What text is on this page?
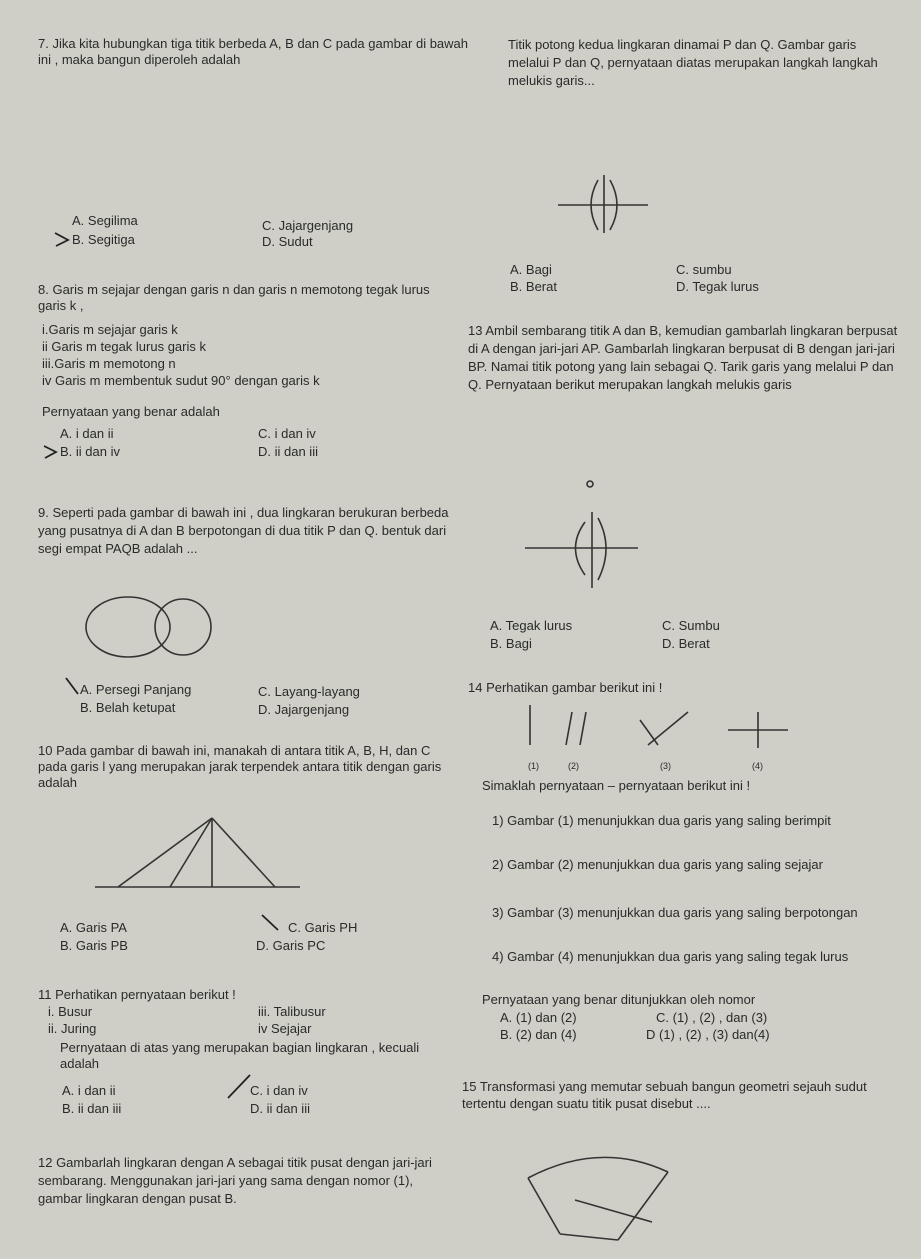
7. Jika kita hubungkan tiga titik berbeda A, B dan C pada gambar di bawah ini , maka bangun diperoleh adalah
A. Segilima
B. Segitiga
C. Jajargenjang
D. Sudut
8. Garis m sejajar dengan garis n dan garis n memotong tegak lurus garis k ,
i.Garis m sejajar garis k
ii Garis m tegak lurus garis k
iii.Garis m memotong n
iv Garis m membentuk sudut 90° dengan garis k
Pernyataan yang benar adalah
A. i dan ii
B. ii dan iv
C. i dan iv
D. ii dan iii
9. Seperti pada gambar di bawah ini , dua lingkaran berukuran berbeda yang pusatnya di A dan B berpotongan di dua titik P dan Q. bentuk dari segi empat PAQB adalah ...
A. Persegi Panjang
B. Belah ketupat
C. Layang-layang
D. Jajargenjang
10 Pada gambar di bawah ini, manakah di antara titik A, B, H, dan C pada garis l yang merupakan jarak terpendek antara titik dengan garis adalah
A. Garis PA
B. Garis PB
C. Garis PH
D. Garis PC
11 Perhatikan pernyataan berikut !
i. Busur
ii. Juring
iii. Talibusur
iv Sejajar
Pernyataan di atas yang merupakan bagian lingkaran , kecuali adalah
A. i dan ii
B. ii dan iii
C. i dan iv
D. ii dan iii
12 Gambarlah lingkaran dengan A sebagai titik pusat dengan jari-jari sembarang. Menggunakan jari-jari yang sama dengan nomor (1), gambar lingkaran dengan pusat B.
Titik potong kedua lingkaran dinamai P dan Q. Gambar garis melalui P dan Q, pernyataan diatas merupakan langkah langkah melukis garis...
A. Bagi
B. Berat
C. sumbu
D. Tegak lurus
13 Ambil sembarang titik A dan B, kemudian gambarlah lingkaran berpusat di A dengan jari-jari AP. Gambarlah lingkaran berpusat di B dengan jari-jari BP. Namai titik potong yang lain sebagai Q. Tarik garis yang melalui P dan Q. Pernyataan berikut merupakan langkah melukis garis
A. Tegak lurus
B. Bagi
C. Sumbu
D. Berat
14 Perhatikan gambar berikut ini !
(1)	(2)	(3)	(4)
Simaklah pernyataan – pernyataan berikut ini !
1) Gambar (1) menunjukkan dua garis yang saling berimpit
2) Gambar (2) menunjukkan dua garis yang saling sejajar
3) Gambar (3) menunjukkan dua garis yang saling berpotongan
4) Gambar (4) menunjukkan dua garis yang saling tegak lurus
Pernyataan yang benar ditunjukkan oleh nomor
A. (1) dan (2)
B. (2) dan (4)
C. (1) , (2) , dan (3)
D (1) , (2) , (3) dan(4)
15 Transformasi yang memutar sebuah bangun geometri sejauh sudut tertentu dengan suatu titik pusat disebut ....
